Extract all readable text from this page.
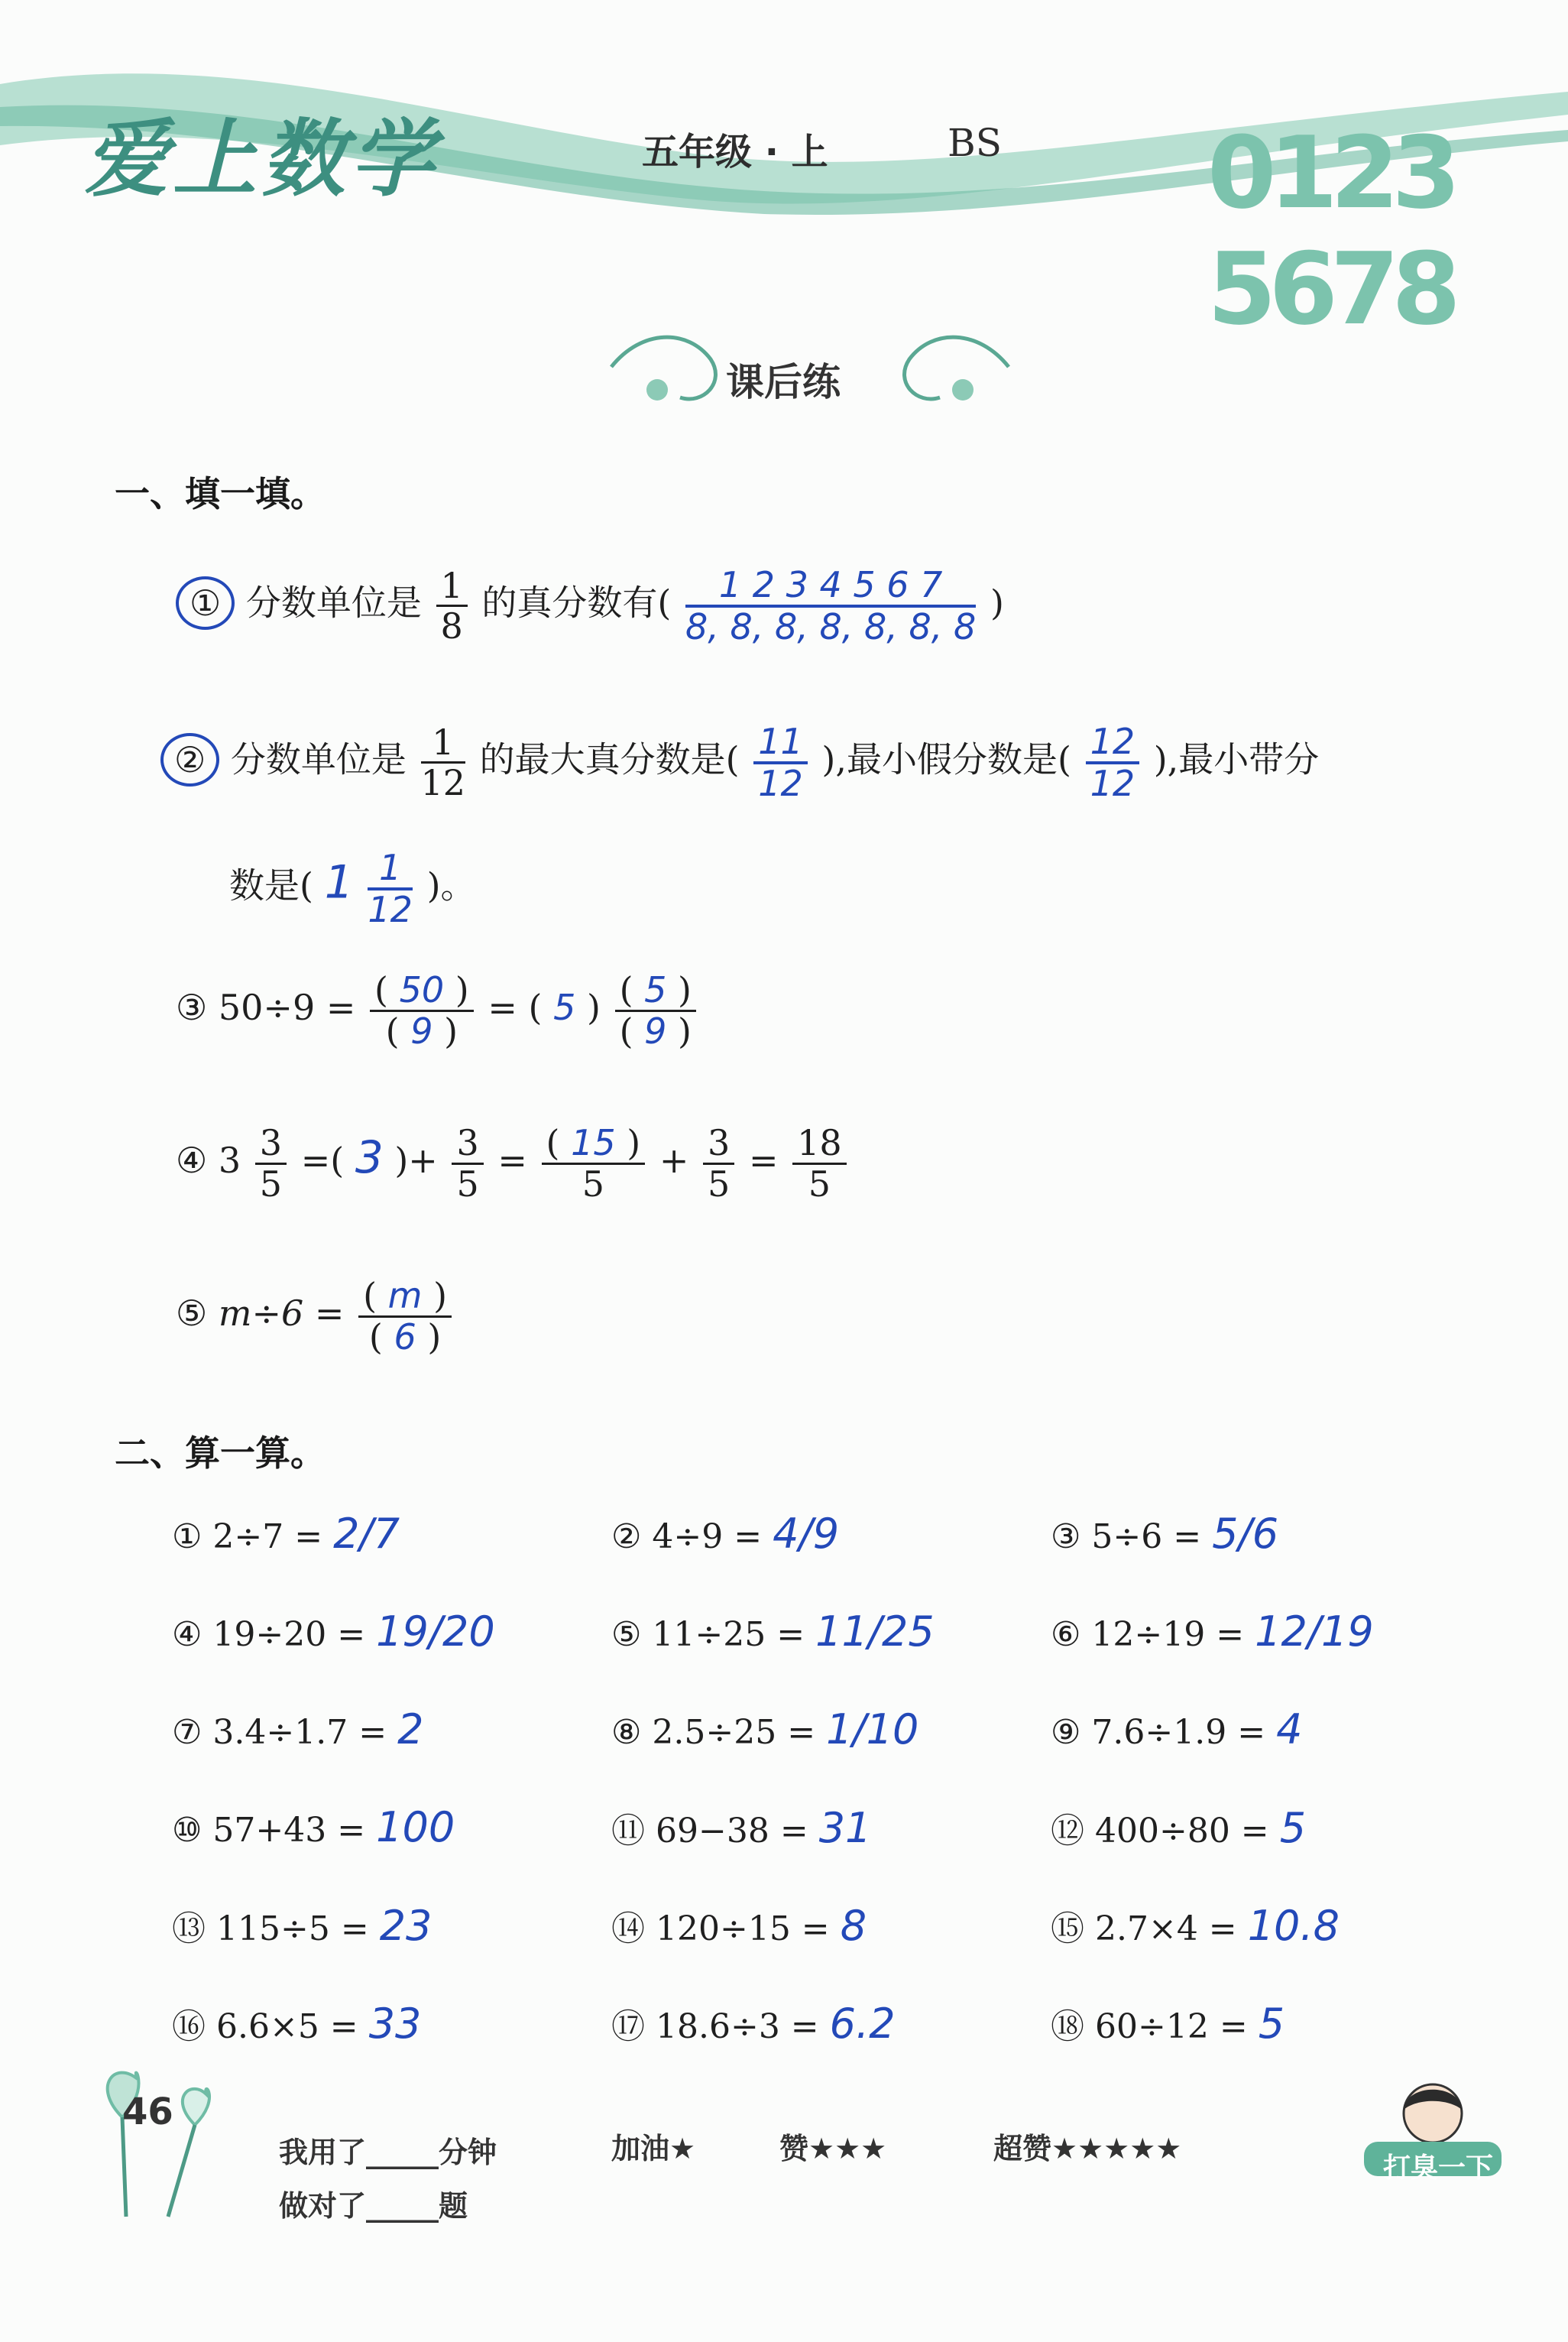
爱上数学	五年级 · 上	BS 0123 5678
课后练
一、填一填。
① 分数单位是 $\frac{1}{8}$ 的真分数有( $\frac{1 2 3 4 5 6 7}{8, 8, 8, 8, 8, 8, 8}$ )
② 分数单位是 $\frac{1}{12}$ 的最大真分数是( $\frac{11}{12}$ ),最小假分数是( $\frac{12}{12}$ ),最小带分
数是( $1 \frac{1}{12}$ )。
③ $50\div 9 = \frac{( 50 )}{( 9 )}$ = ( 5 ) $\frac{( 5 )}{( 9 )}$
④ $3 \frac{3}{5}$ =( 3 )+ $\frac{3}{5} = \frac{( 15 )}{5} + \frac{3}{5} = \frac{18}{5}$
⑤ $m\div 6 = \frac{( m )}{( 6 )}$
二、算一算。
① 2÷7 = 2/7	② 4÷9 = 4/9	③ 5÷6 = 5/6
④ 19÷20 = 19/20	⑤ 11÷25 = 11/25	⑥ 12÷19 = 12/19
⑦ 3.4÷1.7 = 2	⑧ 2.5÷25 = 1/10	⑨ 7.6÷1.9 = 4
⑩ 57+43 = 100	⑪ 69−38 = 31	⑫ 400÷80 = 5
⑬ 115÷5 = 23	⑭ 120÷15 = 8	⑮ 2.7×4 = 10.8
⑯ 6.6×5 = 33	⑰ 18.6÷3 = 6.2	⑱ 60÷12 = 5
46
我用了_____分钟
做对了_____题
加油★	赞★★★	超赞★★★★★
打臭一下
